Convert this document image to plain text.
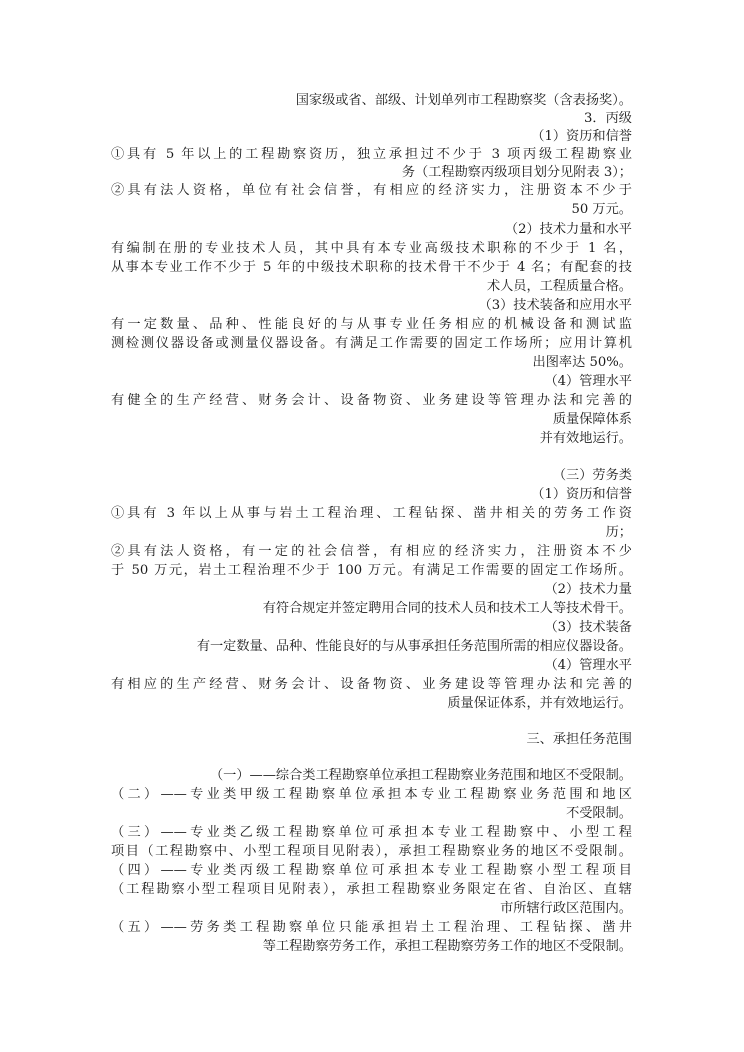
国家级或省、部级、计划单列市工程勘察奖（含表扬奖）。
3．丙级
（1）资历和信誉
①具有 5 年以上的工程勘察资历，独立承担过不少于 3 项丙级工程勘察业
务（工程勘察丙级项目划分见附表 3）；
②具有法人资格，单位有社会信誉，有相应的经济实力，注册资本不少于
50 万元。
（2）技术力量和水平
有编制在册的专业技术人员，其中具有本专业高级技术职称的不少于 1 名，
从事本专业工作不少于 5 年的中级技术职称的技术骨干不少于 4 名；有配套的技
术人员，工程质量合格。
（3）技术装备和应用水平
有一定数量、品种、性能良好的与从事专业任务相应的机械设备和测试监
测检测仪器设备或测量仪器设备。有满足工作需要的固定工作场所；应用计算机
出图率达 50%。
（4）管理水平
有健全的生产经营、财务会计、设备物资、业务建设等管理办法和完善的
质量保障体系
并有效地运行。
（三）劳务类
（1）资历和信誉
①具有 3 年以上从事与岩土工程治理、工程钻探、凿井相关的劳务工作资
历；
②具有法人资格，有一定的社会信誉，有相应的经济实力，注册资本不少
于 50 万元，岩土工程治理不少于 100 万元。有满足工作需要的固定工作场所。
（2）技术力量
有符合规定并签定聘用合同的技术人员和技术工人等技术骨干。
（3）技术装备
有一定数量、品种、性能良好的与从事承担任务范围所需的相应仪器设备。
（4）管理水平
有相应的生产经营、财务会计、设备物资、业务建设等管理办法和完善的
质量保证体系，并有效地运行。
三、承担任务范围
（一）——综合类工程勘察单位承担工程勘察业务范围和地区不受限制。
（二）——专业类甲级工程勘察单位承担本专业工程勘察业务范围和地区
不受限制。
（三）——专业类乙级工程勘察单位可承担本专业工程勘察中、小型工程
项目（工程勘察中、小型工程项目见附表），承担工程勘察业务的地区不受限制。
（四）——专业类丙级工程勘察单位可承担本专业工程勘察小型工程项目
（工程勘察小型工程项目见附表），承担工程勘察业务限定在省、自治区、直辖
市所辖行政区范围内。
（五）——劳务类工程勘察单位只能承担岩土工程治理、工程钻探、凿井
等工程勘察劳务工作，承担工程勘察劳务工作的地区不受限制。
